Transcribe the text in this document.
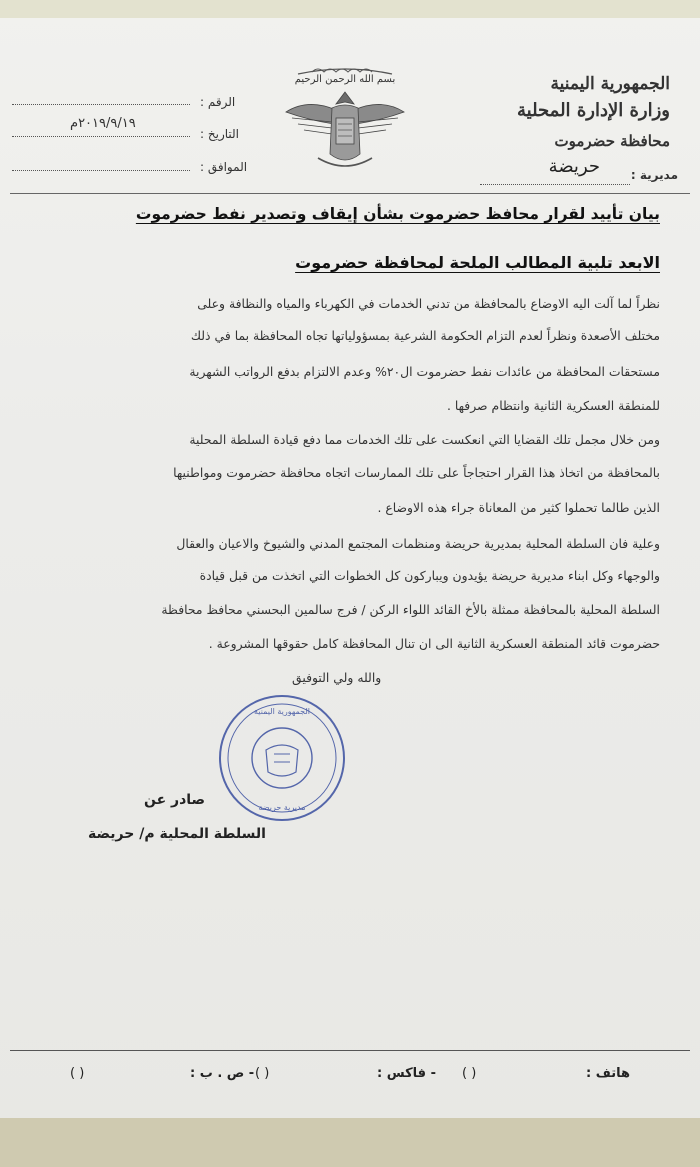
الجمهورية اليمنية
وزارة الإدارة المحلية
محافظة حضرموت
مديرية :
حريضة
بسم الله الرحمن الرحيم
الرقم :
التاريخ :
٢٠١٩/٩/١٩م
الموافق :
بيان تأييد لقرار محافظ حضرموت بشأن إيقاف وتصدير نفط حضرموت
الابعد تلبية المطالب الملحة لمحافظة حضرموت
نظراً لما آلت اليه الاوضاع بالمحافظة من تدني الخدمات في الكهرباء والمياه والنظافة وعلى
مختلف الأصعدة ونظراً لعدم التزام الحكومة الشرعية بمسؤولياتها تجاه المحافظة بما في ذلك
مستحقات المحافظة من عائدات نفط حضرموت ال٢٠% وعدم الالتزام بدفع الرواتب الشهرية
للمنطقة العسكرية الثانية وانتظام صرفها .
ومن خلال مجمل تلك القضايا التي انعكست على تلك الخدمات مما دفع قيادة السلطة المحلية
بالمحافظة من اتخاذ هذا القرار احتجاجاً على تلك الممارسات اتجاه محافظة حضرموت ومواطنيها
الذين طالما تحملوا كثير من المعاناة جراء هذه الاوضاع .
وعلية فان السلطة المحلية بمديرية حريضة ومنظمات المجتمع المدني والشيوخ والاعيان والعقال
والوجهاء وكل ابناء مديرية حريضة يؤيدون ويباركون كل الخطوات التي اتخذت من قبل قيادة
السلطة المحلية بالمحافظة ممثلة بالأخ القائد اللواء الركن / فرج سالمين البحسني محافظ محافظة
حضرموت قائد المنطقة العسكرية الثانية الى ان تنال المحافظة كامل حقوقها المشروعة .
والله ولي التوفيق
الجمهورية اليمنية
مديرية حريضة
صادر عن
السلطة المحلية م/ حريضة
هاتف :
( )
- فاكس :
( )
- ص . ب :
( )
